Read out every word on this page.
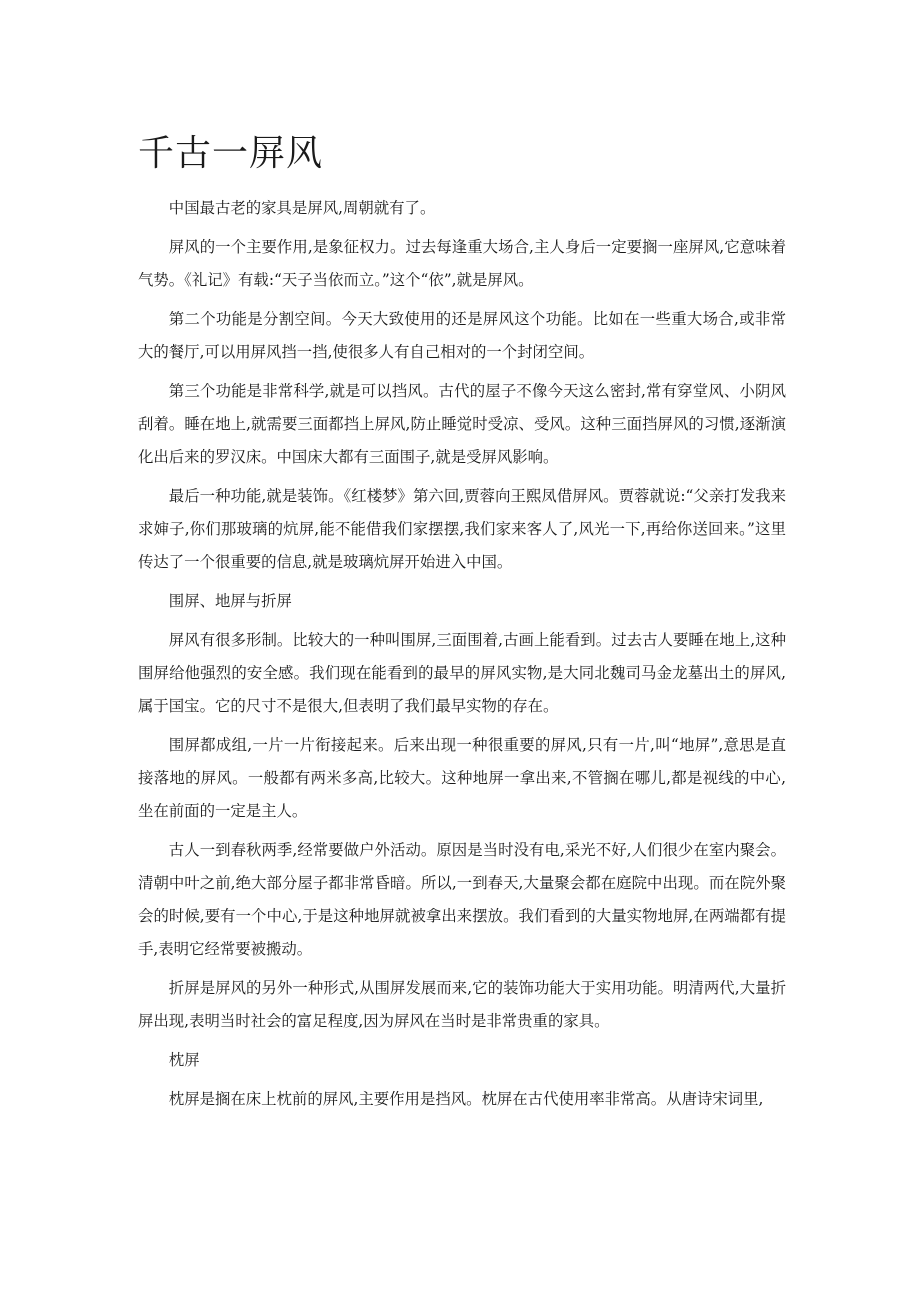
千古一屏风

中国最古老的家具是屏风,周朝就有了。

屏风的一个主要作用,是象征权力。过去每逢重大场合,主人身后一定要搁一座屏风,它意味着气势。《礼记》有载:“天子当依而立。”这个“依”,就是屏风。

第二个功能是分割空间。今天大致使用的还是屏风这个功能。比如在一些重大场合,或非常大的餐厅,可以用屏风挡一挡,使很多人有自己相对的一个封闭空间。

第三个功能是非常科学,就是可以挡风。古代的屋子不像今天这么密封,常有穿堂风、小阴风刮着。睡在地上,就需要三面都挡上屏风,防止睡觉时受凉、受风。这种三面挡屏风的习惯,逐渐演化出后来的罗汉床。中国床大都有三面围子,就是受屏风影响。

最后一种功能,就是装饰。《红楼梦》第六回,贾蓉向王熙凤借屏风。贾蓉就说:“父亲打发我来求婶子,你们那玻璃的炕屏,能不能借我们家摆摆,我们家来客人了,风光一下,再给你送回来。”这里传达了一个很重要的信息,就是玻璃炕屏开始进入中国。

围屏、地屏与折屏

屏风有很多形制。比较大的一种叫围屏,三面围着,古画上能看到。过去古人要睡在地上,这种围屏给他强烈的安全感。我们现在能看到的最早的屏风实物,是大同北魏司马金龙墓出土的屏风,属于国宝。它的尺寸不是很大,但表明了我们最早实物的存在。

围屏都成组,一片一片衔接起来。后来出现一种很重要的屏风,只有一片,叫“地屏”,意思是直接落地的屏风。一般都有两米多高,比较大。这种地屏一拿出来,不管搁在哪儿,都是视线的中心,坐在前面的一定是主人。

古人一到春秋两季,经常要做户外活动。原因是当时没有电,采光不好,人们很少在室内聚会。清朝中叶之前,绝大部分屋子都非常昏暗。所以,一到春天,大量聚会都在庭院中出现。而在院外聚会的时候,要有一个中心,于是这种地屏就被拿出来摆放。我们看到的大量实物地屏,在两端都有提手,表明它经常要被搬动。

折屏是屏风的另外一种形式,从围屏发展而来,它的装饰功能大于实用功能。明清两代,大量折屏出现,表明当时社会的富足程度,因为屏风在当时是非常贵重的家具。

枕屏

枕屏是搁在床上枕前的屏风,主要作用是挡风。枕屏在古代使用率非常高。从唐诗宋词里,
